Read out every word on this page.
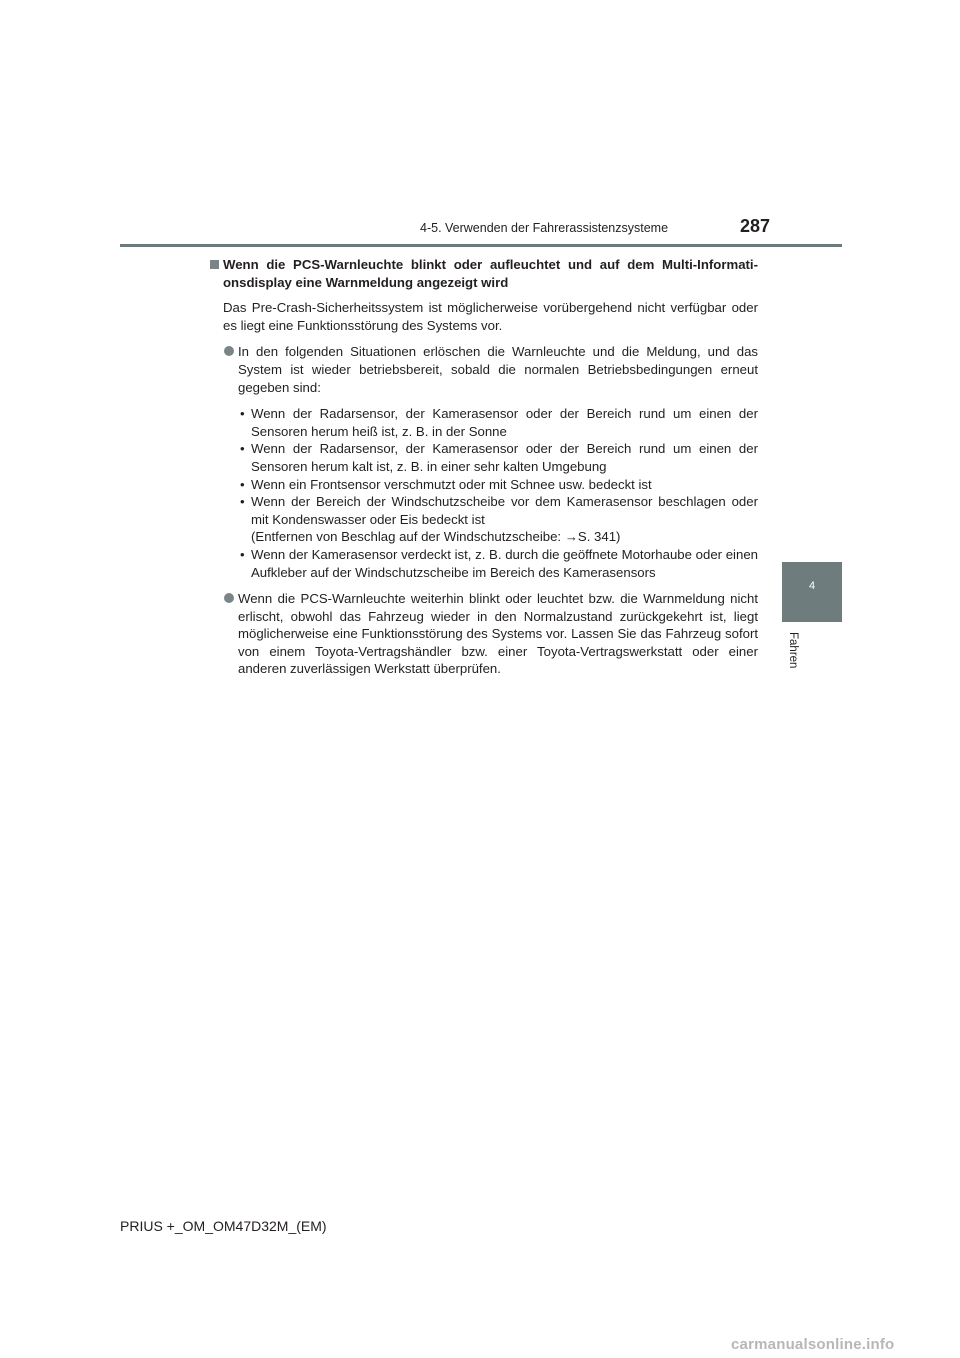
4-5. Verwenden der Fahrerassistenzsysteme	287
4
Fahren
Wenn die PCS-Warnleuchte blinkt oder aufleuchtet und auf dem Multi-Informationsdisplay eine Warnmeldung angezeigt wird
Das Pre-Crash-Sicherheitssystem ist möglicherweise vorübergehend nicht verfügbar oder es liegt eine Funktionsstörung des Systems vor.
In den folgenden Situationen erlöschen die Warnleuchte und die Meldung, und das System ist wieder betriebsbereit, sobald die normalen Betriebsbedingungen erneut gegeben sind:
• Wenn der Radarsensor, der Kamerasensor oder der Bereich rund um einen der Sensoren herum heiß ist, z. B. in der Sonne
• Wenn der Radarsensor, der Kamerasensor oder der Bereich rund um einen der Sensoren herum kalt ist, z. B. in einer sehr kalten Umgebung
• Wenn ein Frontsensor verschmutzt oder mit Schnee usw. bedeckt ist
• Wenn der Bereich der Windschutzscheibe vor dem Kamerasensor beschlagen oder mit Kondenswasser oder Eis bedeckt ist
(Entfernen von Beschlag auf der Windschutzscheibe: →S. 341)
• Wenn der Kamerasensor verdeckt ist, z. B. durch die geöffnete Motorhaube oder einen Aufkleber auf der Windschutzscheibe im Bereich des Kamerasensors
Wenn die PCS-Warnleuchte weiterhin blinkt oder leuchtet bzw. die Warnmeldung nicht erlischt, obwohl das Fahrzeug wieder in den Normalzustand zurückgekehrt ist, liegt möglicherweise eine Funktionsstörung des Systems vor. Lassen Sie das Fahrzeug sofort von einem Toyota-Vertragshändler bzw. einer Toyota-Vertragswerkstatt oder einer anderen zuverlässigen Werkstatt überprüfen.
PRIUS +_OM_OM47D32M_(EM)
carmanualsonline.info
